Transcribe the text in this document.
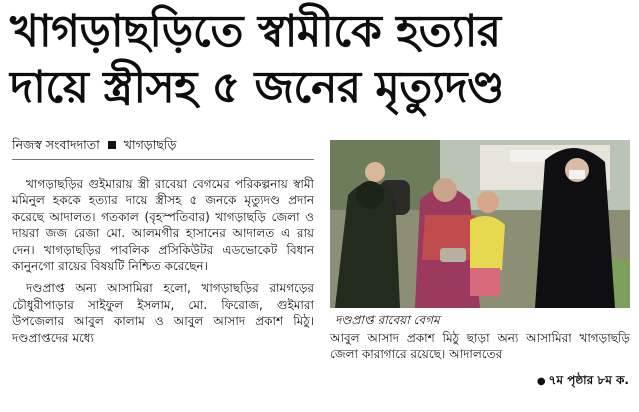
খাগড়াছড়িতে স্বামীকে হত্যার
দায়ে স্ত্রীসহ ৫ জনের মৃত্যুদণ্ড
নিজস্ব সংবাদদাতা খাগড়াছড়ি

খাগড়াছড়ির গুইমারায় স্ত্রী রাবেয়া বেগমের পরিকল্পনায় স্বামী মমিনুল হককে হত্যার দায়ে স্ত্রীসহ ৫ জনকে মৃত্যুদণ্ড প্রদান করেছে আদালত। গতকাল (বৃহস্পতিবার) খাগড়াছড়ি জেলা ও দায়রা জজ রেজা মো. আলমগীর হাসানের আদালত এ রায় দেন। খাগড়াছড়ির পাবলিক প্রসিকিউটর এডভোকেট বিধান কানুনগো রায়ের বিষয়টি নিশ্চিত করেছেন।

দণ্ডপ্রাপ্ত অন্য আসামিরা হলো, খাগড়াছড়ির রামগড়ের চৌধুরীপাড়ার সাইফুল ইসলাম, মো. ফিরোজ, গুইমারা উপজেলার আবুল কালাম ও আবুল আসাদ প্রকাশ মিঠু। দণ্ডপ্রাপ্তদের মধ্যে

দণ্ডপ্রাপ্ত রাবেয়া বেগম
আবুল আসাদ প্রকাশ মিঠু ছাড়া অন্য আসামিরা খাগড়াছড়ি জেলা কারাগারে রয়েছে। আদালতের
● ৭ম পৃষ্ঠার ৮ম ক.
